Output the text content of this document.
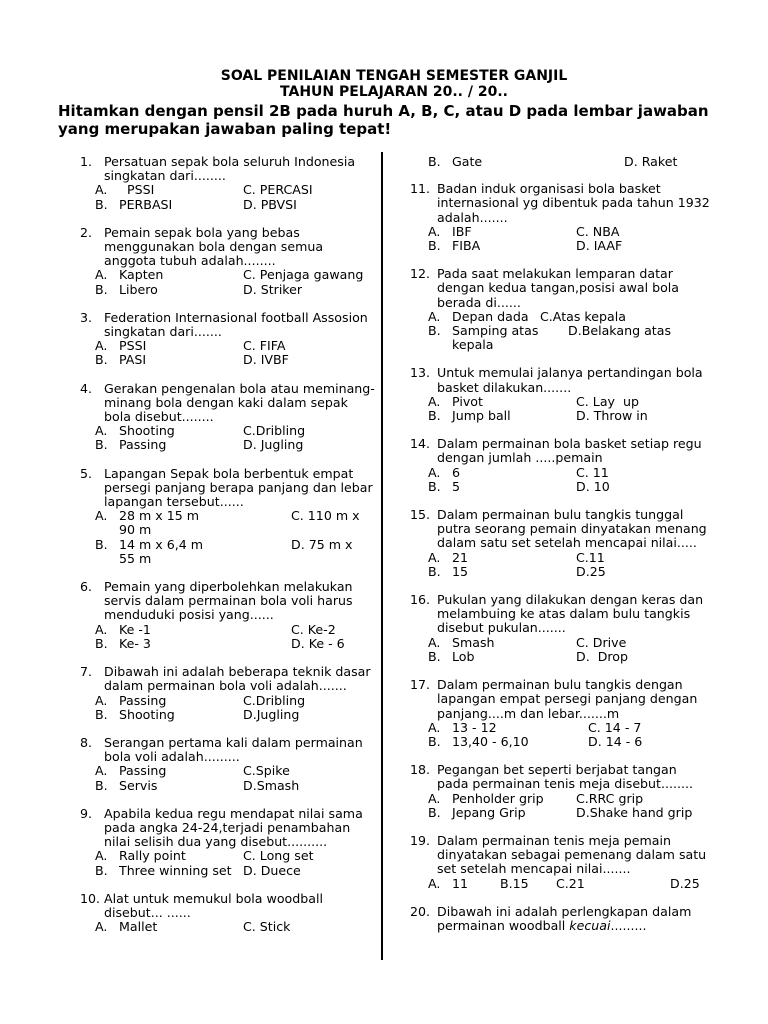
SOAL PENILAIAN TENGAH SEMESTER GANJIL

TAHUN PELAJARAN 20.. / 20..

Hitamkan dengan pensil 2B pada huruh A, B, C, atau D pada lembar jawaban yang merupakan jawaban paling tepat!

1. Persatuan sepak bola seluruh Indonesia singkatan dari........
A.  PSSI	C. PERCASI
B. PERBASI	D. PBVSI
2. Pemain sepak bola yang bebas menggunakan bola dengan semua anggota tubuh adalah........
A. Kapten	C. Penjaga gawang
B. Libero	D. Striker
3. Federation Internasional football Assosion  singkatan dari.......
A. PSSI	C. FIFA
B. PASI	D. IVBF
4. Gerakan pengenalan bola atau meminang-minang bola dengan kaki dalam sepak bola disebut........
A. Shooting	C.Dribling
B. Passing	D. Jugling
5. Lapangan Sepak bola berbentuk empat persegi panjang berapa panjang dan lebar lapangan tersebut......
A. 28 m x 15 m	C. 110 m x
90 m
B. 14 m x 6,4 m	D. 75 m x
55 m
6. Pemain yang diperbolehkan melakukan servis dalam permainan bola voli harus menduduki posisi yang......
A. Ke -1	C. Ke-2
B. Ke- 3	D. Ke - 6
7. Dibawah ini adalah beberapa teknik dasar dalam permainan bola voli adalah.......
A. Passing	C.Dribling
B. Shooting	D.Jugling
8. Serangan pertama kali dalam permainan bola voli adalah.........
A. Passing	C.Spike
B. Servis	D.Smash
9. Apabila kedua regu mendapat nilai sama pada angka 24-24,terjadi penambahan nilai selisih dua yang disebut..........
A. Rally point	C. Long set
B. Three winning set D. Duece
10. Alat untuk memukul bola woodball disebut... ......
A. Mallet	C. Stick
B. Gate	D. Raket
11. Badan induk organisasi bola basket internasional yg dibentuk pada tahun 1932 adalah.......
A. IBF	C. NBA
B. FIBA	D. IAAF
12. Pada saat melakukan lemparan datar dengan kedua tangan,posisi awal bola berada di......
A. Depan dada C.Atas kepala
B. Samping atas	D.Belakang atas
kepala
13. Untuk memulai jalanya pertandingan bola basket dilakukan.......
A. Pivot	C. Lay  up
B. Jump ball	D. Throw in
14. Dalam permainan bola basket setiap regu dengan jumlah .....pemain
A. 6	C. 11
B. 5	D. 10
15. Dalam permainan bulu tangkis tunggal putra seorang pemain dinyatakan menang dalam satu set setelah mencapai nilai.....
A. 21	C.11
B. 15	D.25
16. Pukulan yang dilakukan dengan keras dan melambuing ke atas dalam bulu tangkis disebut pukulan.......
A. Smash	C. Drive
B. Lob	D.  Drop
17. Dalam permainan bulu tangkis dengan lapangan empat persegi panjang dengan panjang....m dan lebar.......m
A. 13 - 12	C. 14 - 7
B. 13,40 - 6,10	D. 14 - 6
18. Pegangan bet seperti berjabat tangan pada permainan tenis meja disebut........
A. Penholder grip	C.RRC grip
B. Jepang Grip	D.Shake hand grip
19. Dalam permainan tenis meja pemain dinyatakan sebagai pemenang dalam satu set setelah mencapai nilai.......
A. 11	B.15	C.21	D.25
20. Dibawah ini adalah perlengkapan dalam permainan woodball kecuai.........
